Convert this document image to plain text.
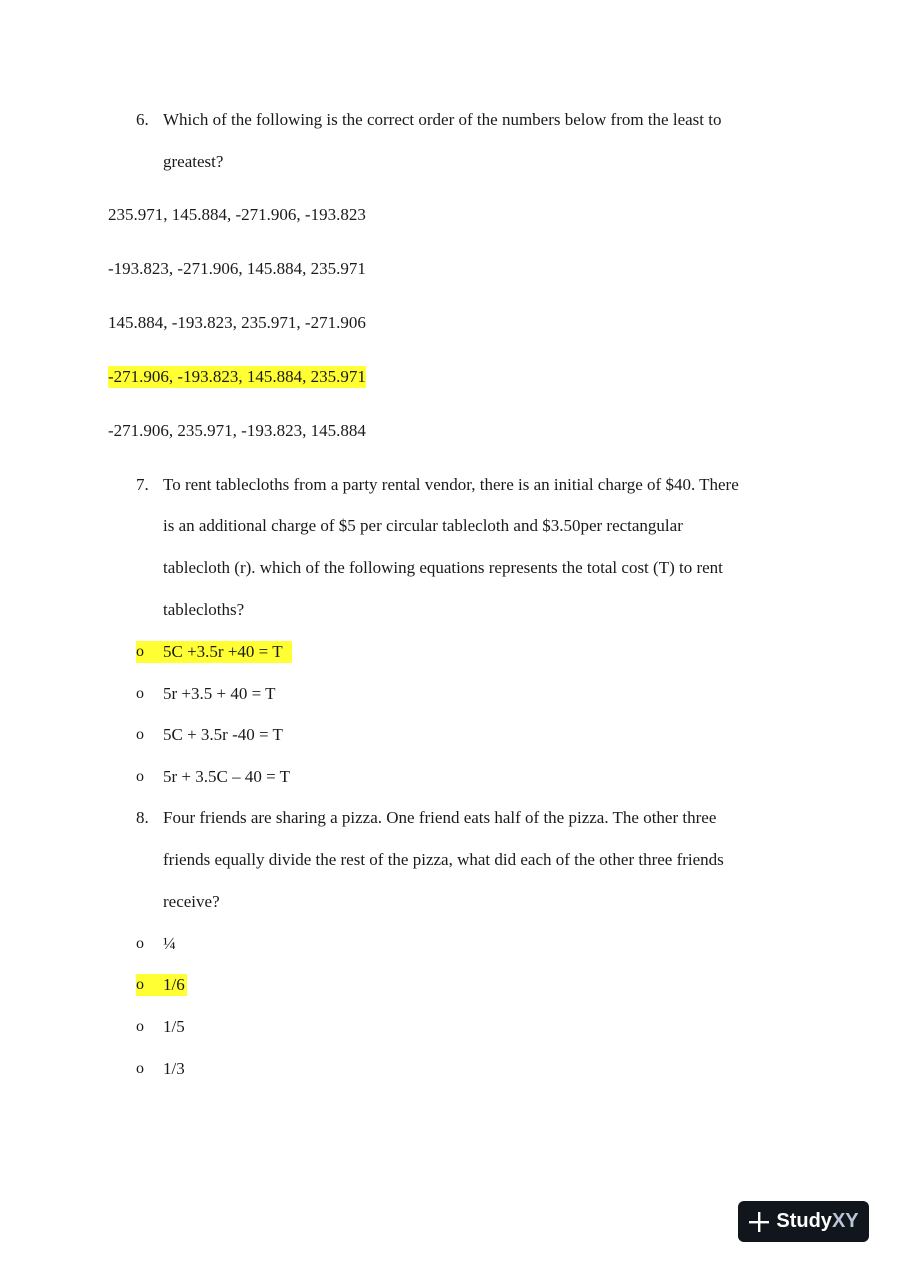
6. Which of the following is the correct order of the numbers below from the least to
greatest?
235.971, 145.884, -271.906, -193.823
-193.823, -271.906, 145.884, 235.971
145.884, -193.823, 235.971, -271.906
-271.906, -193.823, 145.884, 235.971
-271.906, 235.971, -193.823, 145.884
7. To rent tablecloths from a party rental vendor, there is an initial charge of $40. There
is an additional charge of $5 per circular tablecloth and $3.50per rectangular
tablecloth (r). which of the following equations represents the total cost (T) to rent
tablecloths?
o 5C +3.5r +40 = T
o 5r +3.5 + 40 = T
o 5C + 3.5r -40 = T
o 5r + 3.5C – 40 = T
8. Four friends are sharing a pizza. One friend eats half of the pizza. The other three
friends equally divide the rest of the pizza, what did each of the other three friends
receive?
o ¼
o 1/6
o 1/5
o 1/3
Study XY
